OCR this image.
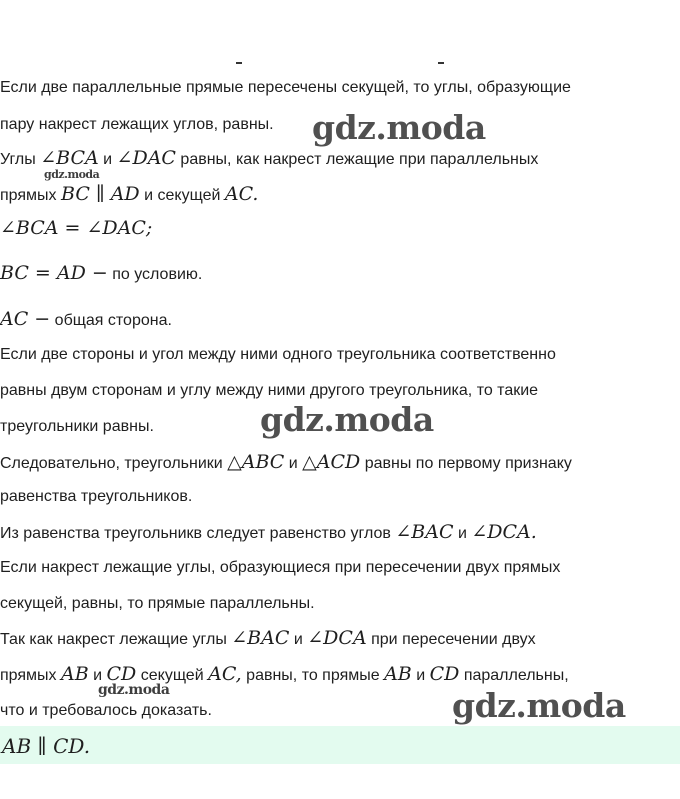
Если две параллельные прямые пересечены секущей, то углы, образующие
пару накрест лежащих углов, равны.
Углы ∠BCA и ∠DAC равны, как накрест лежащие при параллельных
прямых BC ∥ AD и секущей AC.
∠BCA = ∠DAC;
BC = AD − по условию.
AC − общая сторона.
Если две стороны и угол между ними одного треугольника соответственно
равны двум сторонам и углу между ними другого треугольника, то такие
треугольники равны.
Следовательно, треугольники △ABC и △ACD равны по первому признаку
равенства треугольников.
Из равенства треугольникв следует равенство углов ∠BAC и ∠DCA.
Если накрест лежащие углы, образующиеся при пересечении двух прямых
секущей, равны, то прямые параллельны.
Так как накрест лежащие углы ∠BAC и ∠DCA при пересечении двух
прямых AB и CD секущей AC, равны, то прямые AB и CD параллельны,
что и требовалось доказать.
AB ∥ CD.
gdz.moda
gdz.moda
gdz.moda
gdz.moda	gdz.moda
